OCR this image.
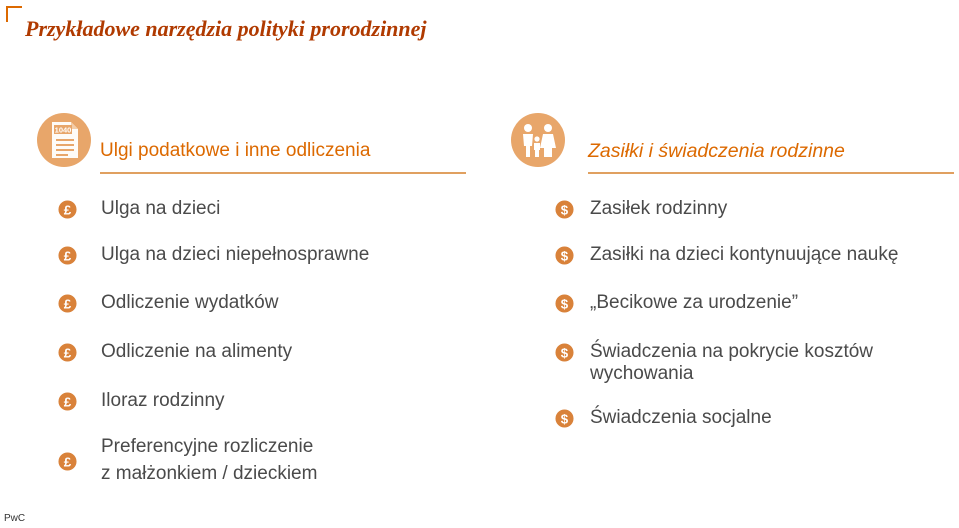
Przykładowe narzędzia polityki prorodzinnej
1040
Ulgi podatkowe i inne odliczenia
£ Ulga na dzieci
£ Ulga na dzieci niepełnosprawne
£ Odliczenie wydatków
£ Odliczenie na alimenty
£ Iloraz rodzinny
£
Preferencyjne rozliczenie
z małżonkiem / dzieckiem
Zasiłki i świadczenia rodzinne
$ Zasiłek rodzinny
$ Zasiłki na dzieci kontynuujące naukę
$ „Becikowe za urodzenie”
$ Świadczenia na pokrycie kosztów wychowania
$ Świadczenia socjalne
PwC
